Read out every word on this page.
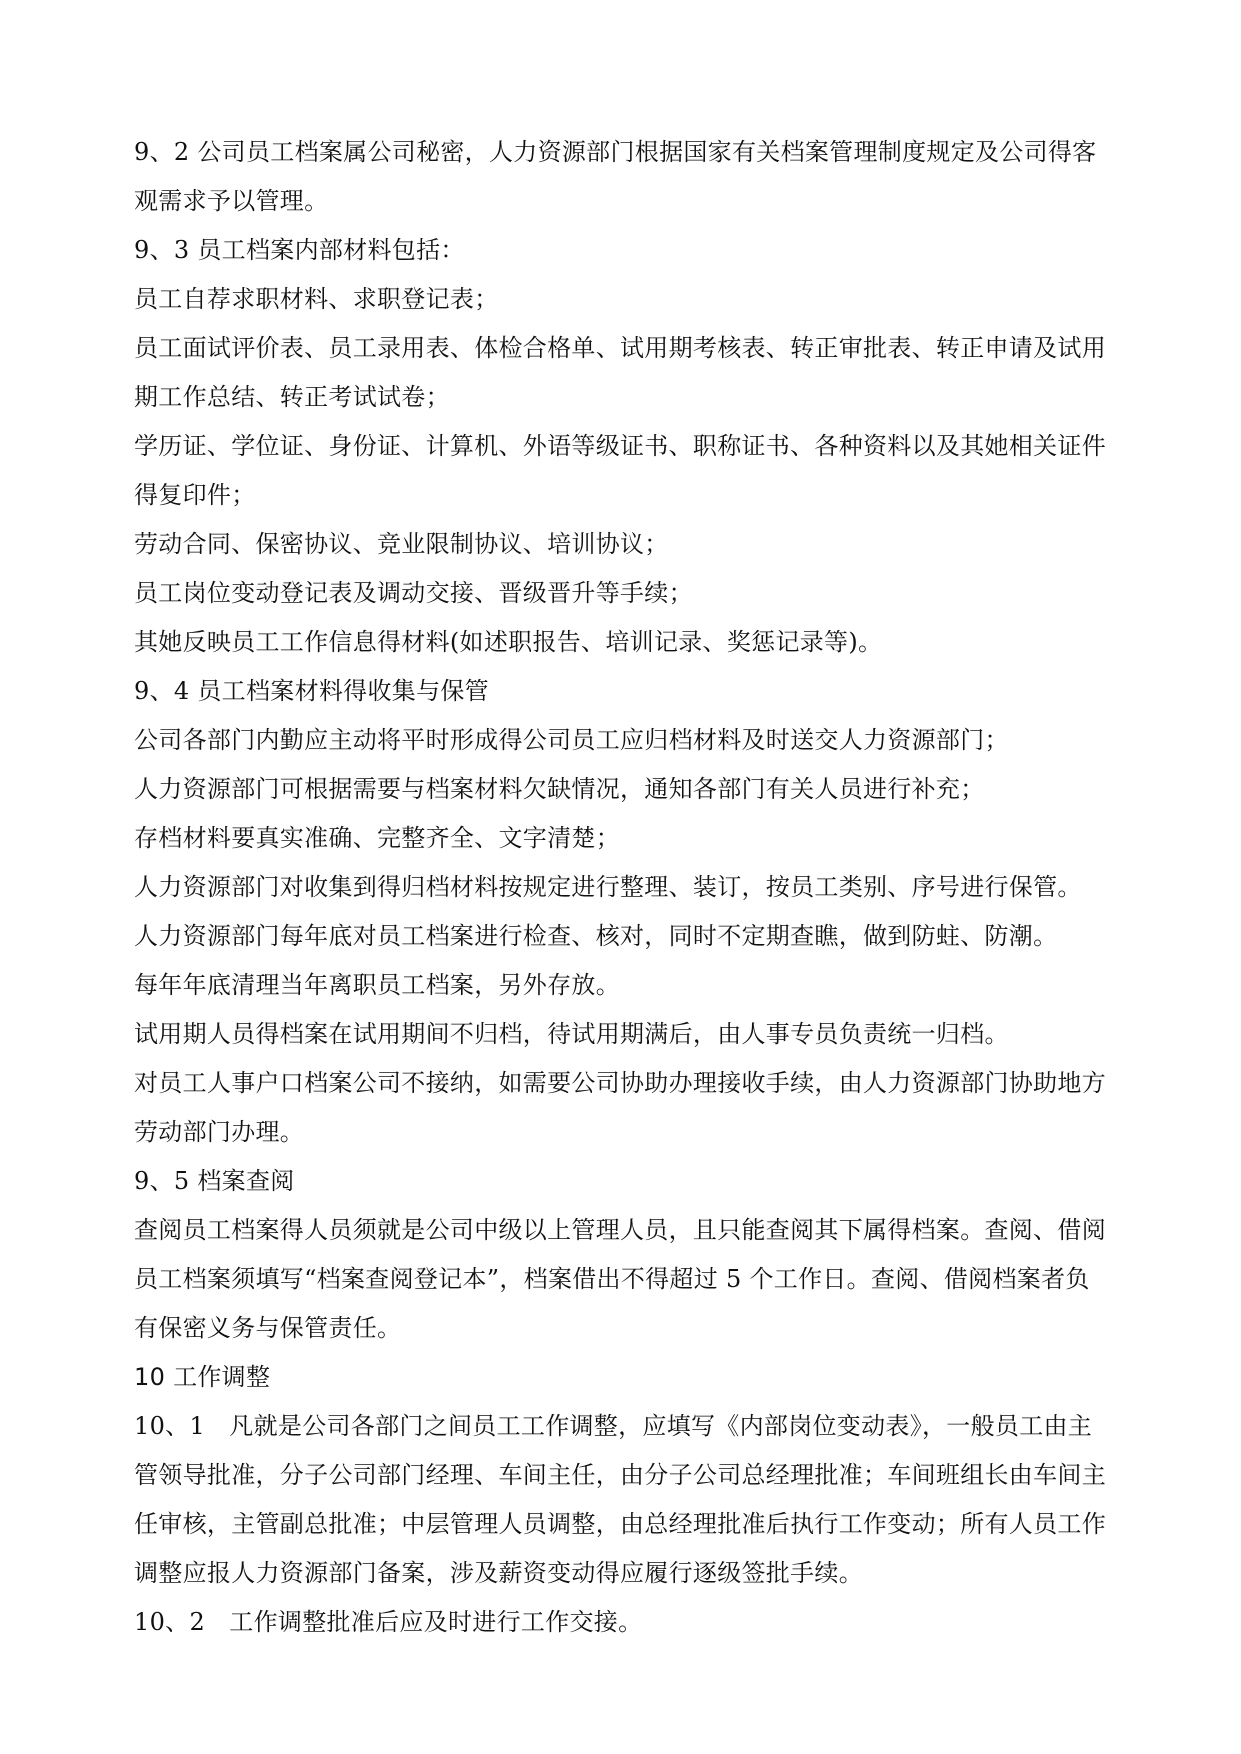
9、2 公司员工档案属公司秘密，人力资源部门根据国家有关档案管理制度规定及公司得客观需求予以管理。

9、3 员工档案内部材料包括：

员工自荐求职材料、求职登记表；

员工面试评价表、员工录用表、体检合格单、试用期考核表、转正审批表、转正申请及试用期工作总结、转正考试试卷；

学历证、学位证、身份证、计算机、外语等级证书、职称证书、各种资料以及其她相关证件得复印件；

劳动合同、保密协议、竞业限制协议、培训协议；

员工岗位变动登记表及调动交接、晋级晋升等手续；

其她反映员工工作信息得材料(如述职报告、培训记录、奖惩记录等)。

9、4 员工档案材料得收集与保管

公司各部门内勤应主动将平时形成得公司员工应归档材料及时送交人力资源部门；

人力资源部门可根据需要与档案材料欠缺情况，通知各部门有关人员进行补充；

存档材料要真实准确、完整齐全、文字清楚；

人力资源部门对收集到得归档材料按规定进行整理、装订，按员工类别、序号进行保管。

人力资源部门每年底对员工档案进行检查、核对，同时不定期查瞧，做到防蛀、防潮。

每年年底清理当年离职员工档案，另外存放。

试用期人员得档案在试用期间不归档，待试用期满后，由人事专员负责统一归档。

对员工人事户口档案公司不接纳，如需要公司协助办理接收手续，由人力资源部门协助地方劳动部门办理。

9、5 档案查阅

查阅员工档案得人员须就是公司中级以上管理人员，且只能查阅其下属得档案。查阅、借阅员工档案须填写“档案查阅登记本”，档案借出不得超过 5 个工作日。查阅、借阅档案者负有保密义务与保管责任。

10 工作调整

10、1　凡就是公司各部门之间员工工作调整，应填写《内部岗位变动表》，一般员工由主管领导批准，分子公司部门经理、车间主任，由分子公司总经理批准；车间班组长由车间主任审核，主管副总批准；中层管理人员调整，由总经理批准后执行工作变动；所有人员工作调整应报人力资源部门备案，涉及薪资变动得应履行逐级签批手续。

10、2　工作调整批准后应及时进行工作交接。
